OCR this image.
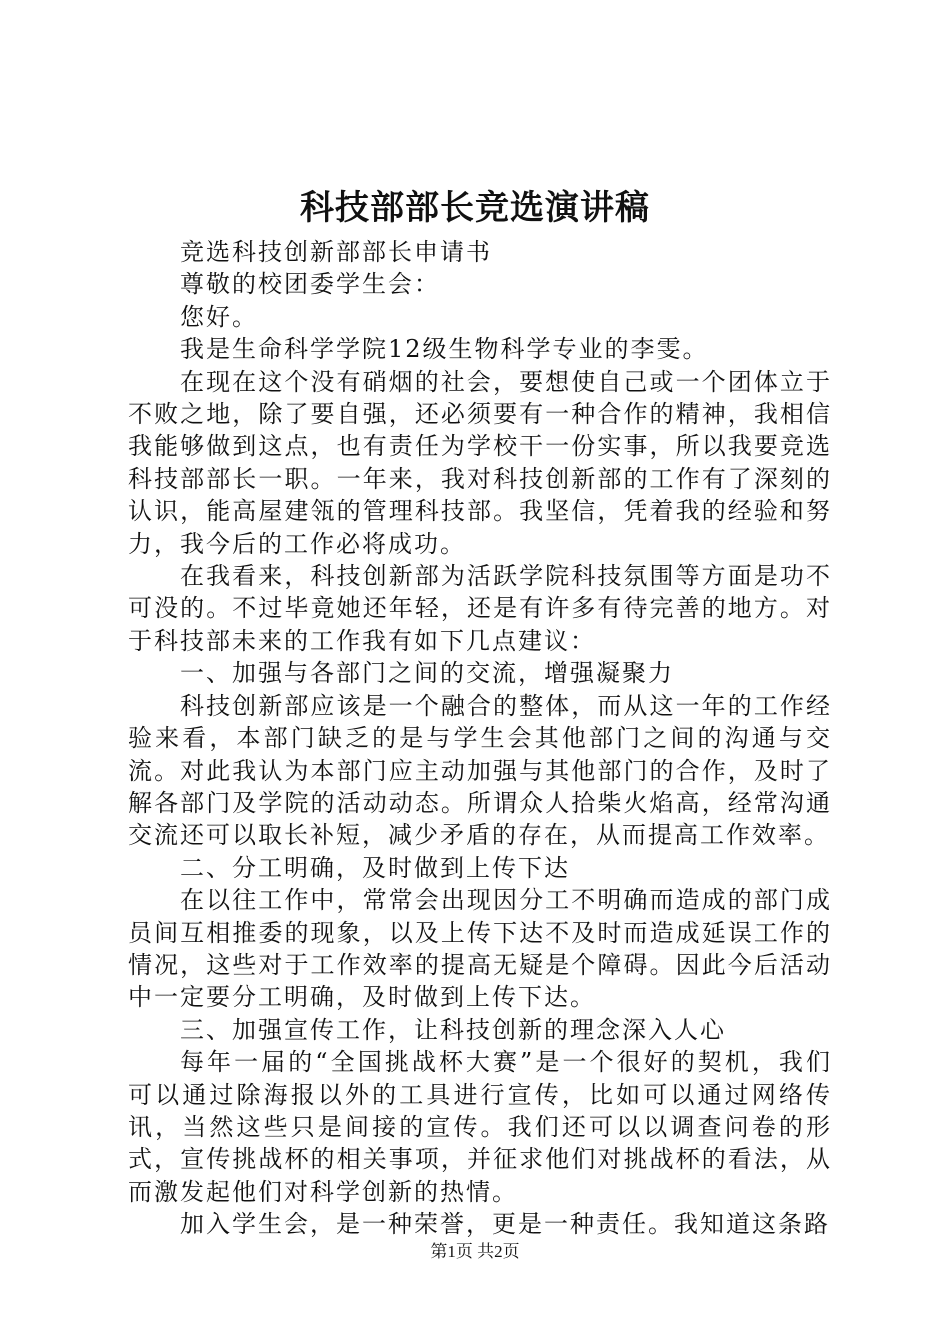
科技部部长竞选演讲稿

竞选科技创新部部长申请书

尊敬的校团委学生会：

您好。

我是生命科学学院12级生物科学专业的李雯。

在现在这个没有硝烟的社会，要想使自己或一个团体立于不败之地，除了要自强，还必须要有一种合作的精神，我相信我能够做到这点，也有责任为学校干一份实事，所以我要竞选科技部部长一职。一年来，我对科技创新部的工作有了深刻的认识，能高屋建瓴的管理科技部。我坚信，凭着我的经验和努力，我今后的工作必将成功。

在我看来，科技创新部为活跃学院科技氛围等方面是功不可没的。不过毕竟她还年轻，还是有许多有待完善的地方。对于科技部未来的工作我有如下几点建议：

一、加强与各部门之间的交流，增强凝聚力

科技创新部应该是一个融合的整体，而从这一年的工作经验来看，本部门缺乏的是与学生会其他部门之间的沟通与交流。对此我认为本部门应主动加强与其他部门的合作，及时了解各部门及学院的活动动态。所谓众人拾柴火焰高，经常沟通交流还可以取长补短，减少矛盾的存在，从而提高工作效率。

二、分工明确，及时做到上传下达

在以往工作中，常常会出现因分工不明确而造成的部门成员间互相推委的现象，以及上传下达不及时而造成延误工作的情况，这些对于工作效率的提高无疑是个障碍。因此今后活动中一定要分工明确，及时做到上传下达。

三、加强宣传工作，让科技创新的理念深入人心

每年一届的“全国挑战杯大赛”是一个很好的契机，我们可以通过除海报以外的工具进行宣传，比如可以通过网络传讯，当然这些只是间接的宣传。我们还可以以调查问卷的形式，宣传挑战杯的相关事项，并征求他们对挑战杯的看法，从而激发起他们对科学创新的热情。

加入学生会，是一种荣誉，更是一种责任。我知道这条路

第1页 共2页
